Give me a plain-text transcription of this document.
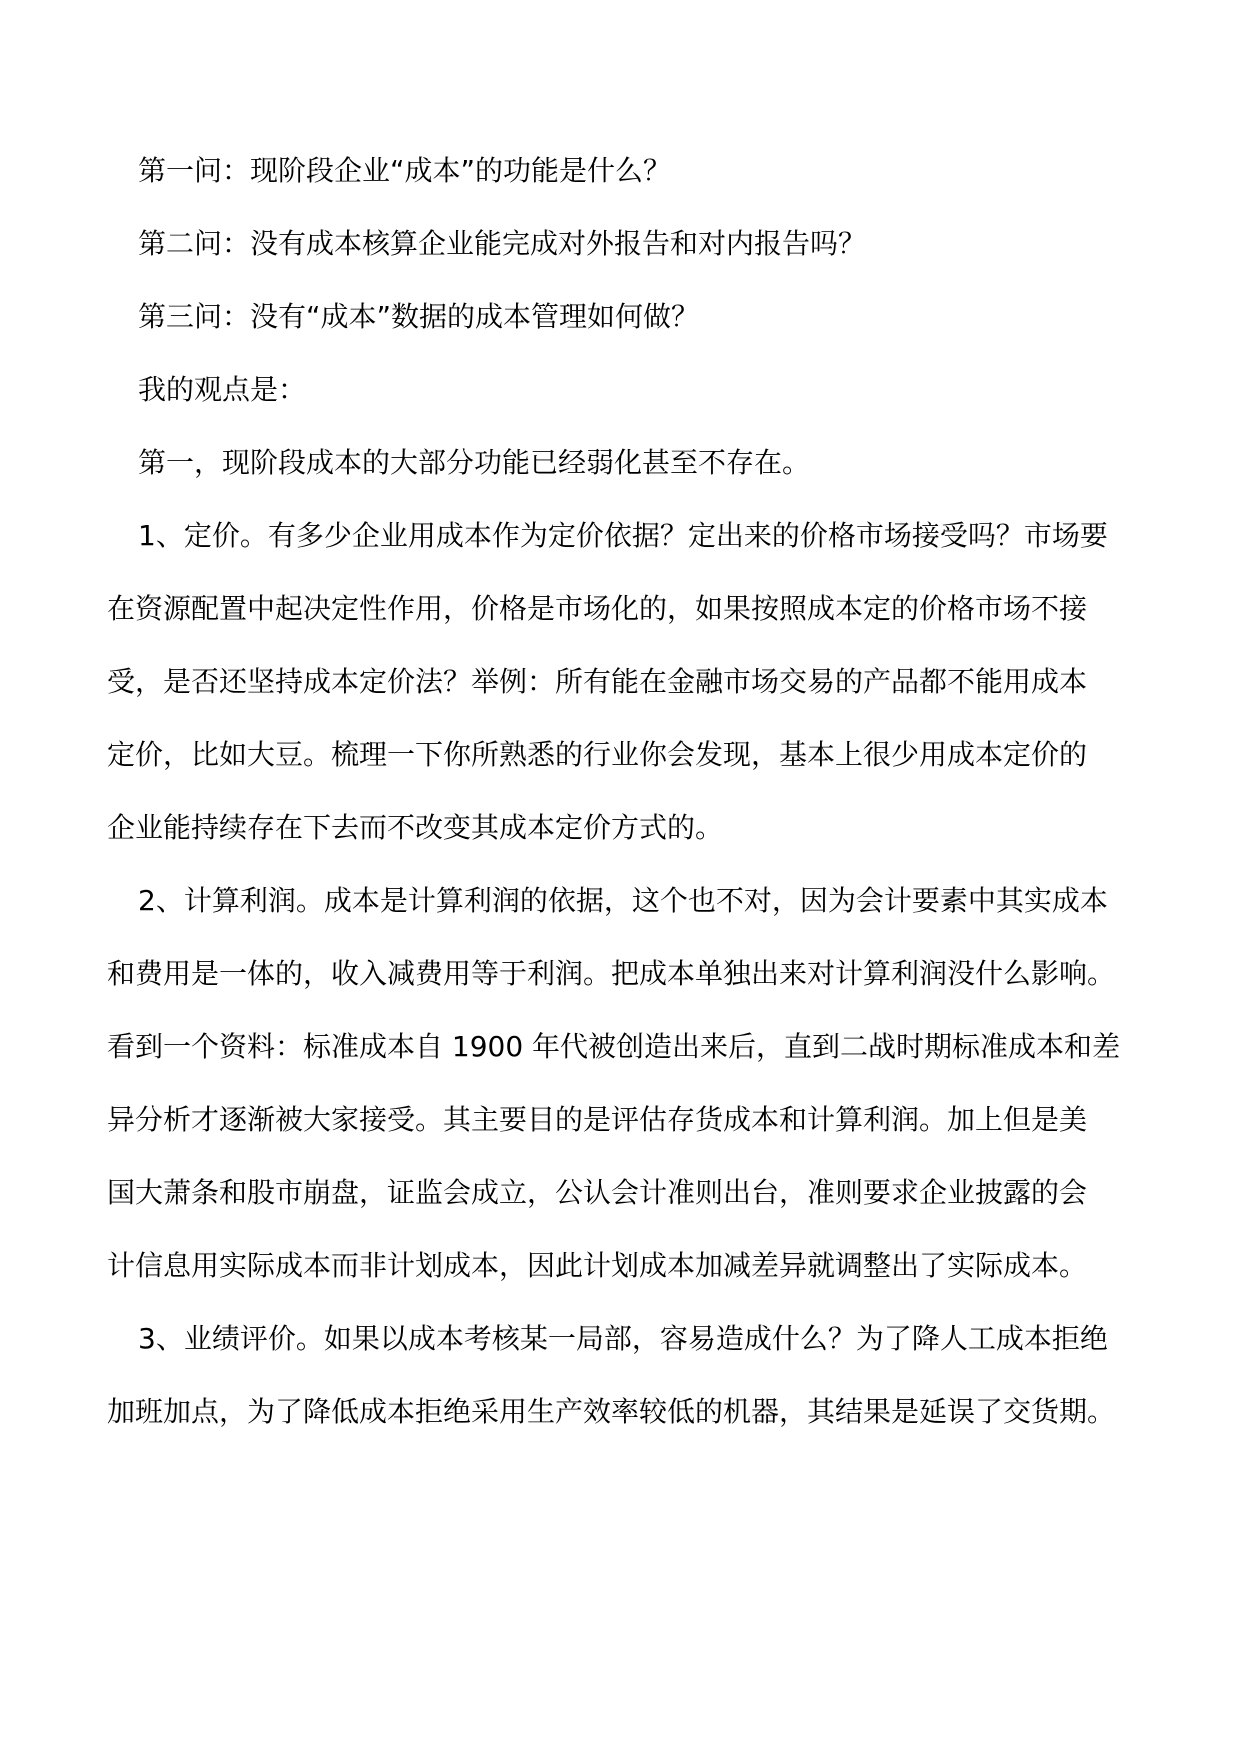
第一问：现阶段企业“成本”的功能是什么？

第二问：没有成本核算企业能完成对外报告和对内报告吗？

第三问：没有“成本”数据的成本管理如何做？

我的观点是：

第一，现阶段成本的大部分功能已经弱化甚至不存在。

1、定价。有多少企业用成本作为定价依据？定出来的价格市场接受吗？市场要

在资源配置中起决定性作用，价格是市场化的，如果按照成本定的价格市场不接

受，是否还坚持成本定价法？举例：所有能在金融市场交易的产品都不能用成本

定价，比如大豆。梳理一下你所熟悉的行业你会发现，基本上很少用成本定价的

企业能持续存在下去而不改变其成本定价方式的。

2、计算利润。成本是计算利润的依据，这个也不对，因为会计要素中其实成本

和费用是一体的，收入减费用等于利润。把成本单独出来对计算利润没什么影响。

看到一个资料：标准成本自 1900 年代被创造出来后，直到二战时期标准成本和差

异分析才逐渐被大家接受。其主要目的是评估存货成本和计算利润。加上但是美

国大萧条和股市崩盘，证监会成立，公认会计准则出台，准则要求企业披露的会

计信息用实际成本而非计划成本，因此计划成本加减差异就调整出了实际成本。

3、业绩评价。如果以成本考核某一局部，容易造成什么？为了降人工成本拒绝

加班加点，为了降低成本拒绝采用生产效率较低的机器，其结果是延误了交货期。
